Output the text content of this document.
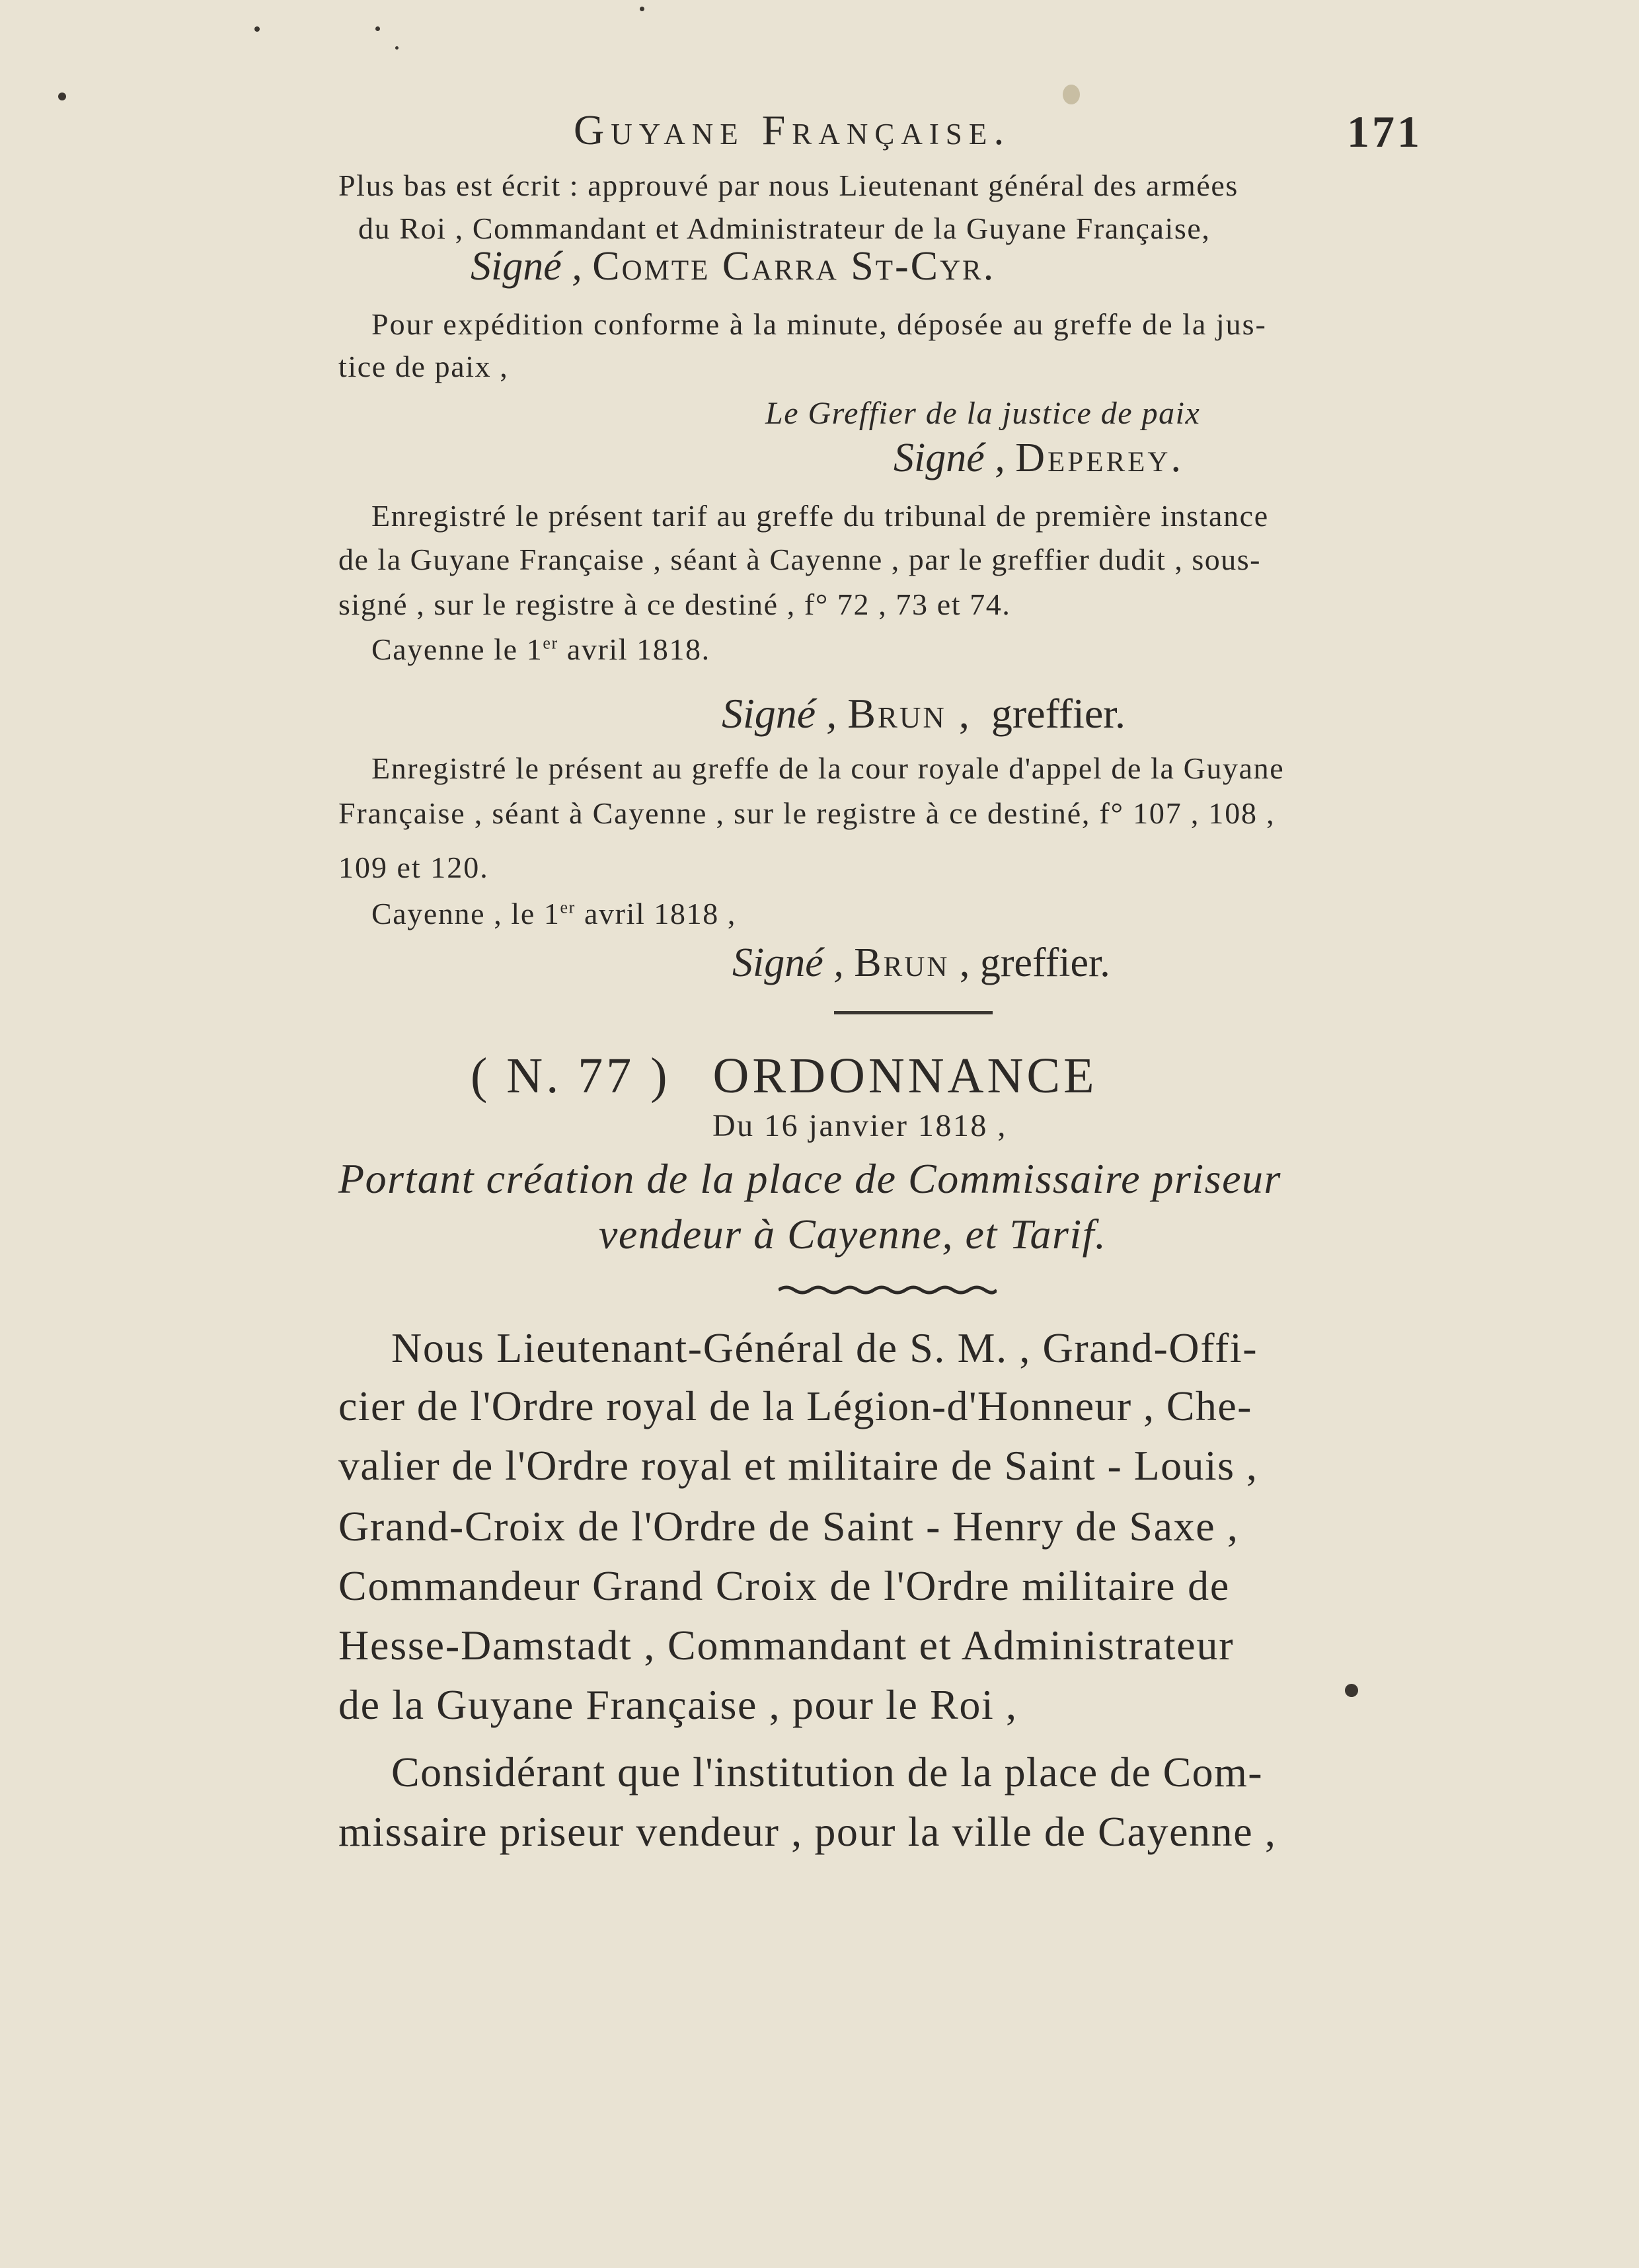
Guyane Française.	171
Plus bas est écrit : approuvé par nous Lieutenant général des armées
du Roi , Commandant et Administrateur de la Guyane Française,
Signé , Comte Carra St-Cyr.
Pour expédition conforme à la minute, déposée au greffe de la jus-
tice de paix ,
Le Greffier de la justice de paix
Signé , Deperey.
Enregistré le présent tarif au greffe du tribunal de première instance
de la Guyane Française , séant à Cayenne , par le greffier dudit , sous-
signé , sur le registre à ce destiné , f° 72 , 73 et 74.
Cayenne le 1er avril 1818.
Signé , Brun , greffier.
Enregistré le présent au greffe de la cour royale d'appel de la Guyane
Française , séant à Cayenne , sur le registre à ce destiné, f° 107 , 108 ,
109 et 120.
Cayenne , le 1er avril 1818 ,
Signé , Brun , greffier.
( N. 77 ) ORDONNANCE
Du 16 janvier 1818 ,
Portant création de la place de Commissaire priseur
vendeur à Cayenne, et Tarif.
Nous Lieutenant-Général de S. M. , Grand-Offi-
cier de l'Ordre royal de la Légion-d'Honneur , Che-
valier de l'Ordre royal et militaire de Saint - Louis ,
Grand-Croix de l'Ordre de Saint - Henry de Saxe ,
Commandeur Grand Croix de l'Ordre militaire de
Hesse-Damstadt , Commandant et Administrateur
de la Guyane Française , pour le Roi ,
Considérant que l'institution de la place de Com-
missaire priseur vendeur , pour la ville de Cayenne ,
